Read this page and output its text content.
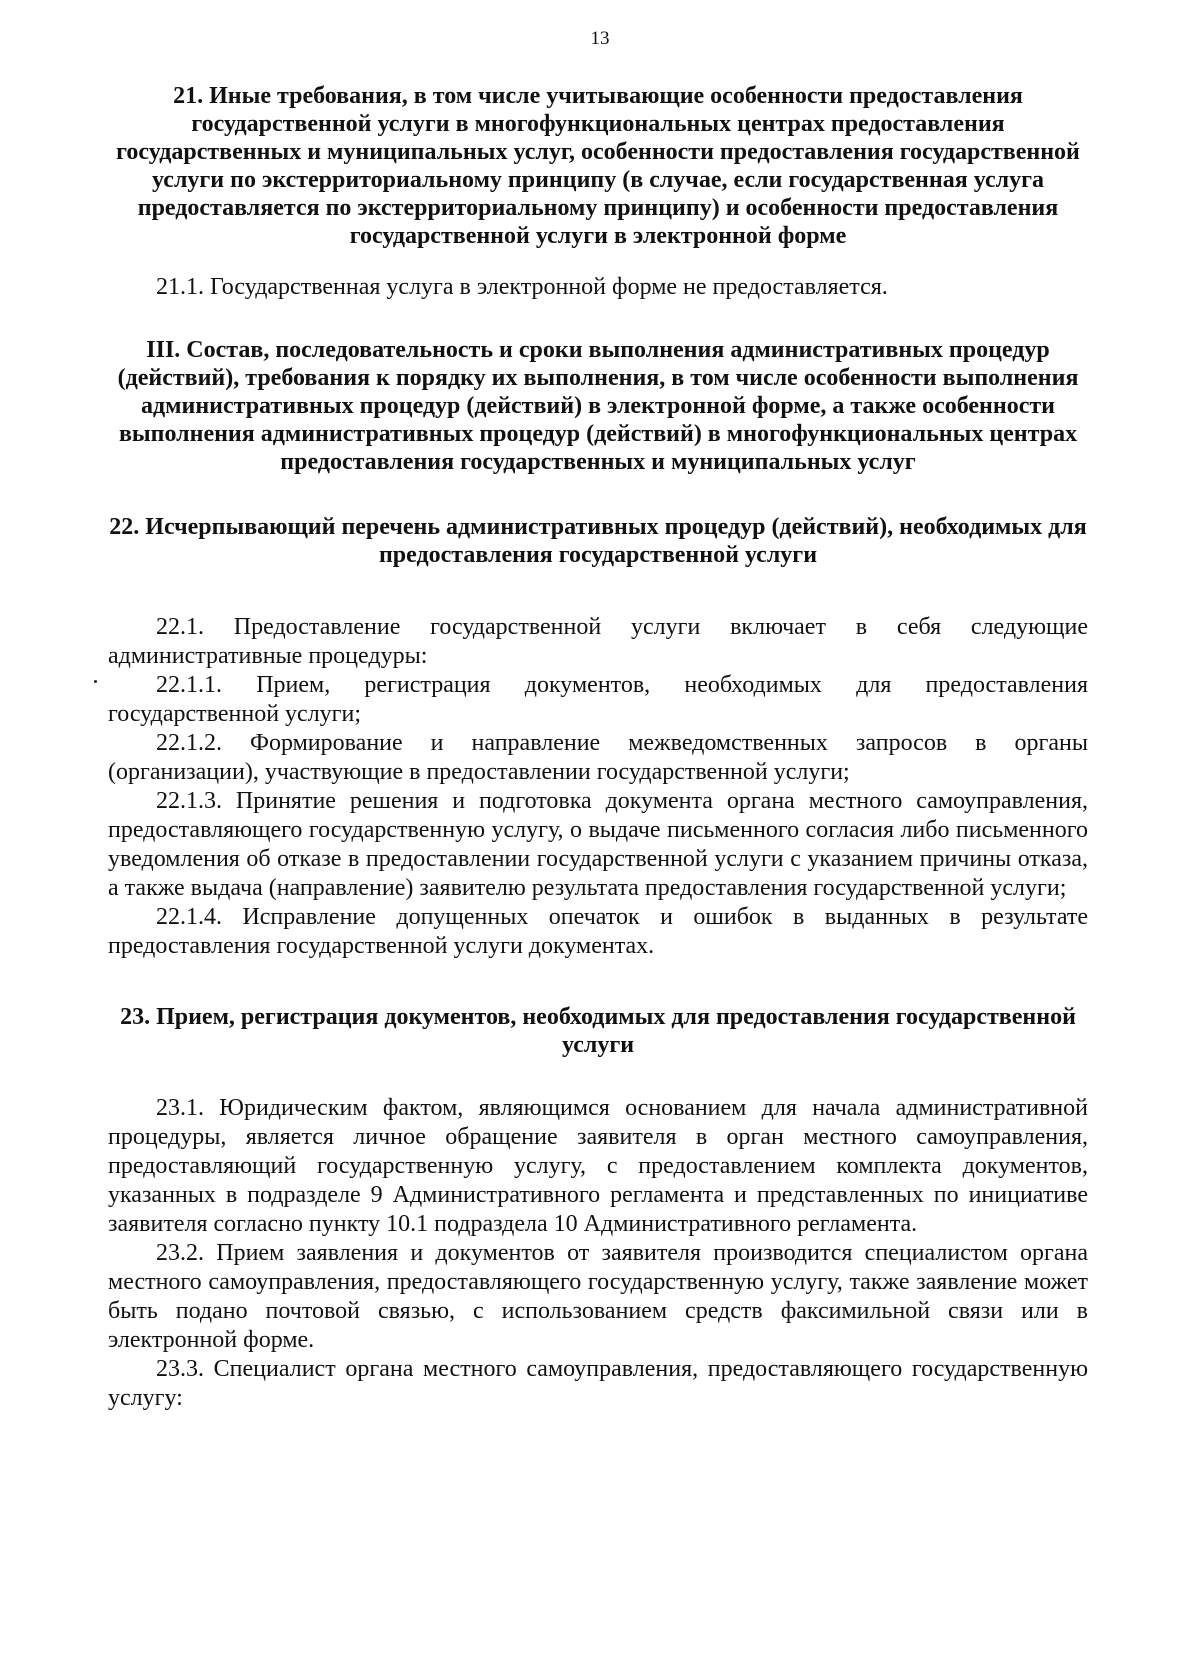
13

21. Иные требования, в том числе учитывающие особенности предоставления государственной услуги в многофункциональных центрах предоставления государственных и муниципальных услуг, особенности предоставления государственной услуги по экстерриториальному принципу (в случае, если государственная услуга предоставляется по экстерриториальному принципу) и особенности предоставления государственной услуги в электронной форме

21.1. Государственная услуга в электронной форме не предоставляется.

III. Состав, последовательность и сроки выполнения административных процедур (действий), требования к порядку их выполнения, в том числе особенности выполнения административных процедур (действий) в электронной форме, а также особенности выполнения административных процедур (действий) в многофункциональных центрах предоставления государственных и муниципальных услуг

22. Исчерпывающий перечень административных процедур (действий), необходимых для предоставления государственной услуги

22.1. Предоставление государственной услуги включает в себя следующие административные процедуры:

22.1.1. Прием, регистрация документов, необходимых для предоставления государственной услуги;

22.1.2. Формирование и направление межведомственных запросов в органы (организации), участвующие в предоставлении государственной услуги;

22.1.3. Принятие решения и подготовка документа органа местного самоуправления, предоставляющего государственную услугу, о выдаче письменного согласия либо письменного уведомления об отказе в предоставлении государственной услуги с указанием причины отказа, а также выдача (направление) заявителю результата предоставления государственной услуги;

22.1.4. Исправление допущенных опечаток и ошибок в выданных в результате предоставления государственной услуги документах.

23. Прием, регистрация документов, необходимых для предоставления государственной услуги

23.1. Юридическим фактом, являющимся основанием для начала административной процедуры, является личное обращение заявителя в орган местного самоуправления, предоставляющий государственную услугу, с предоставлением комплекта документов, указанных в подразделе 9 Административного регламента и представленных по инициативе заявителя согласно пункту 10.1 подраздела 10 Административного регламента.

23.2. Прием заявления и документов от заявителя производится специалистом органа местного самоуправления, предоставляющего государственную услугу, также заявление может быть подано почтовой связью, с использованием средств факсимильной связи или в электронной форме.

23.3. Специалист органа местного самоуправления, предоставляющего государственную услугу:
